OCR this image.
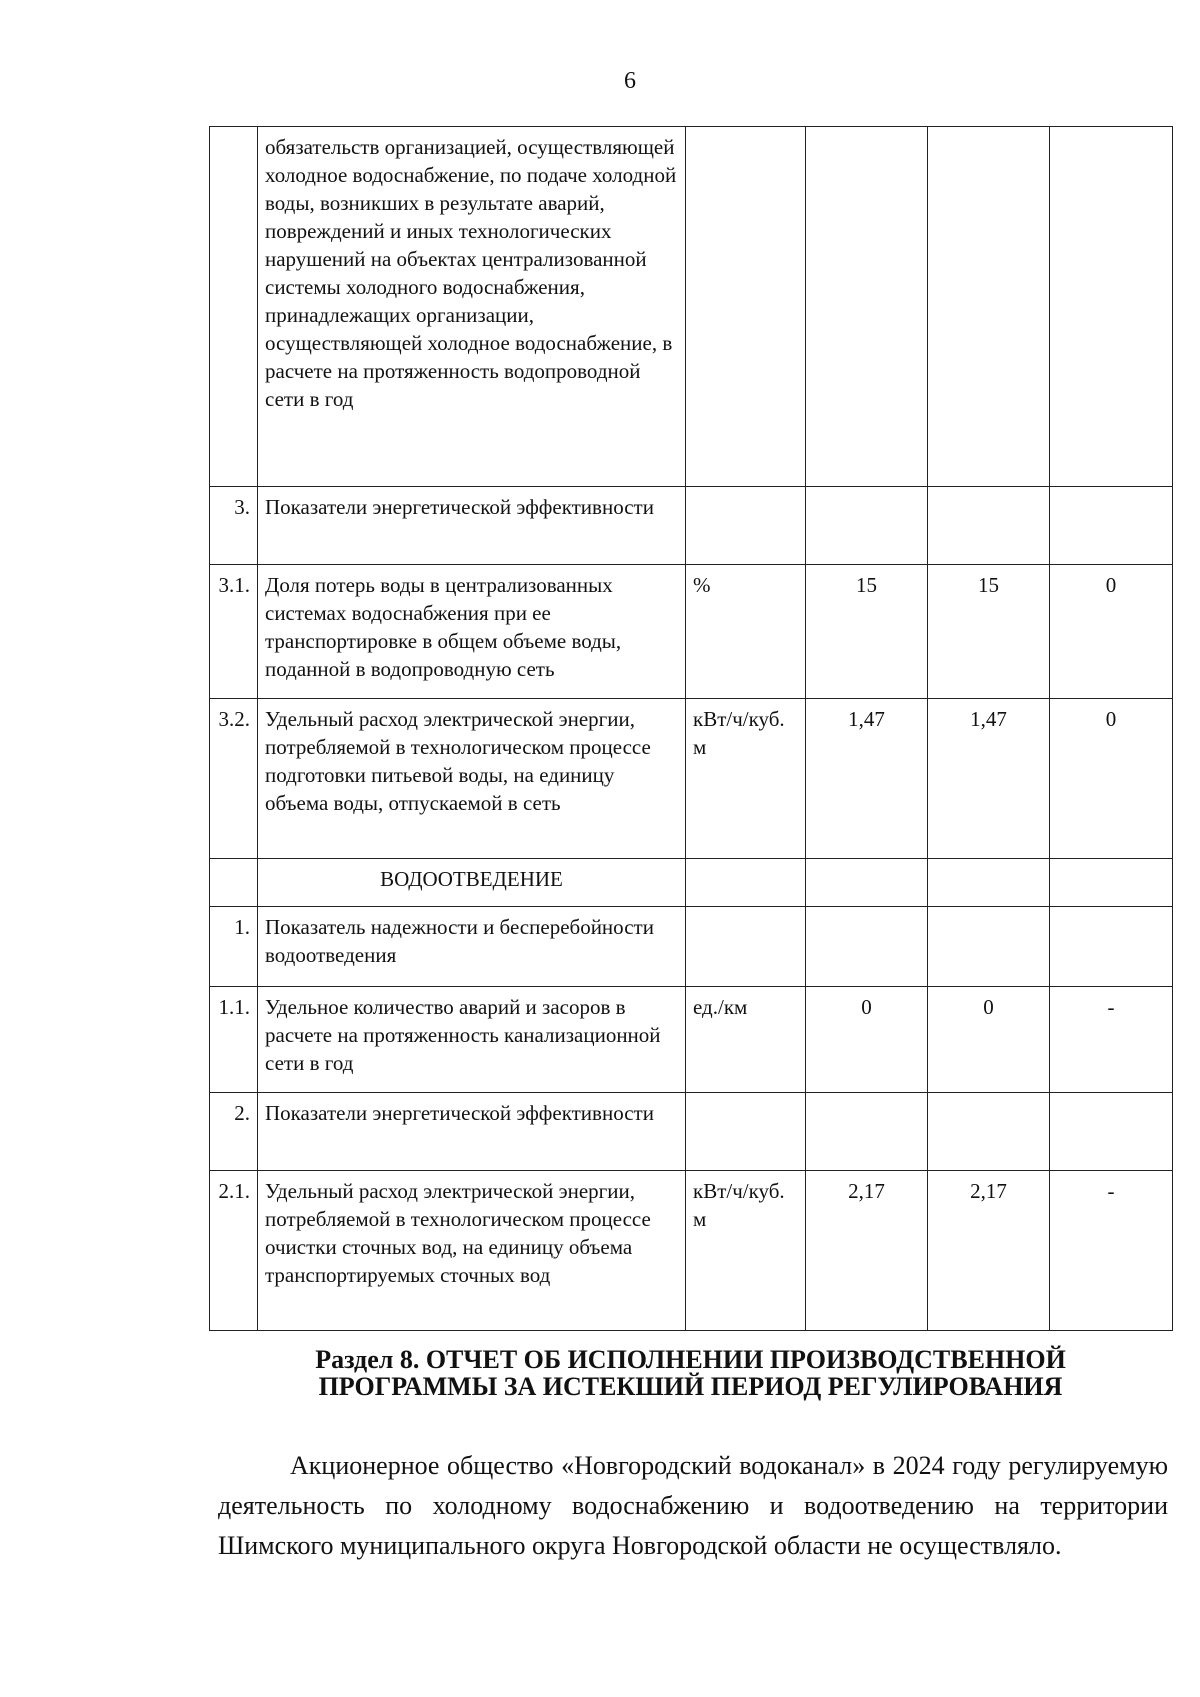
6
	обязательств организацией, осуществляющей холодное водоснабжение, по подаче холодной воды, возникших в результате аварий, повреждений и иных технологических нарушений на объектах централизованной системы холодного водоснабжения, принадлежащих организации, осуществляющей холодное водоснабжение, в расчете на протяженность водопроводной сети в год				
3.	Показатели энергетической эффективности				
3.1.	Доля потерь воды в централизованных системах водоснабжения при ее транспортировке в общем объеме воды, поданной в водопроводную сеть	%	15	15	0
3.2.	Удельный расход электрической энергии, потребляемой в технологическом процессе подготовки питьевой воды, на единицу объема воды, отпускаемой в сеть	кВт/ч/куб. м	1,47	1,47	0
	ВОДООТВЕДЕНИЕ				
1.	Показатель надежности и бесперебойности водоотведения				
1.1.	Удельное количество аварий и засоров в расчете на протяженность канализационной сети в год	ед./км	0	0	-
2.	Показатели энергетической эффективности				
2.1.	Удельный расход электрической энергии, потребляемой в технологическом процессе очистки сточных вод, на единицу объема транспортируемых сточных вод	кВт/ч/куб. м	2,17	2,17	-
Раздел 8. ОТЧЕТ ОБ ИСПОЛНЕНИИ ПРОИЗВОДСТВЕННОЙ
ПРОГРАММЫ ЗА ИСТЕКШИЙ ПЕРИОД РЕГУЛИРОВАНИЯ

Акционерное общество «Новгородский водоканал» в 2024 году регулируемую деятельность по холодному водоснабжению и водоотведению на территории Шимского муниципального округа Новгородской области не осуществляло.
